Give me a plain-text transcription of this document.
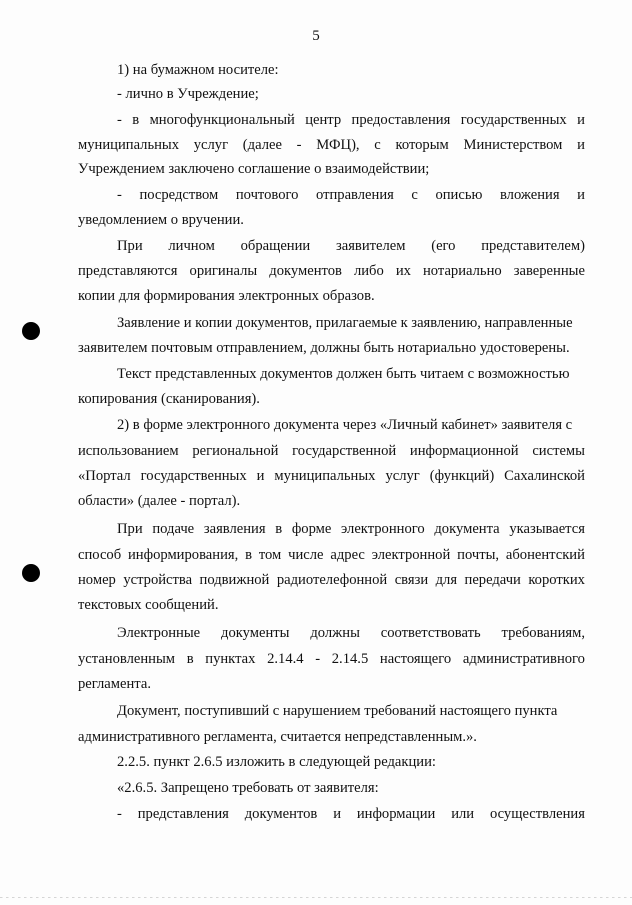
5
1) на бумажном носителе:
- лично в Учреждение;
- в многофункциональный центр предоставления государственных и
муниципальных услуг (далее - МФЦ), с которым Министерством и
Учреждением заключено соглашение о взаимодействии;
- посредством почтового отправления с описью вложения и
уведомлением о вручении.
При личном обращении заявителем (его представителем)
представляются оригиналы документов либо их нотариально заверенные
копии для формирования электронных образов.
Заявление и копии документов, прилагаемые к заявлению, направленные
заявителем почтовым отправлением, должны быть нотариально удостоверены.
Текст представленных документов должен быть читаем с возможностью
копирования (сканирования).
2) в форме электронного документа через «Личный кабинет» заявителя с
использованием региональной государственной информационной системы
«Портал государственных и муниципальных услуг (функций) Сахалинской
области» (далее - портал).
При подаче заявления в форме электронного документа указывается
способ информирования, в том числе адрес электронной почты, абонентский
номер устройства подвижной радиотелефонной связи для передачи коротких
текстовых сообщений.
Электронные документы должны соответствовать требованиям,
установленным в пунктах 2.14.4 - 2.14.5 настоящего административного
регламента.
Документ, поступивший с нарушением требований настоящего пункта
административного регламента, считается непредставленным.».
2.2.5. пункт 2.6.5 изложить в следующей редакции:
«2.6.5. Запрещено требовать от заявителя:
- представления документов и информации или осуществления
